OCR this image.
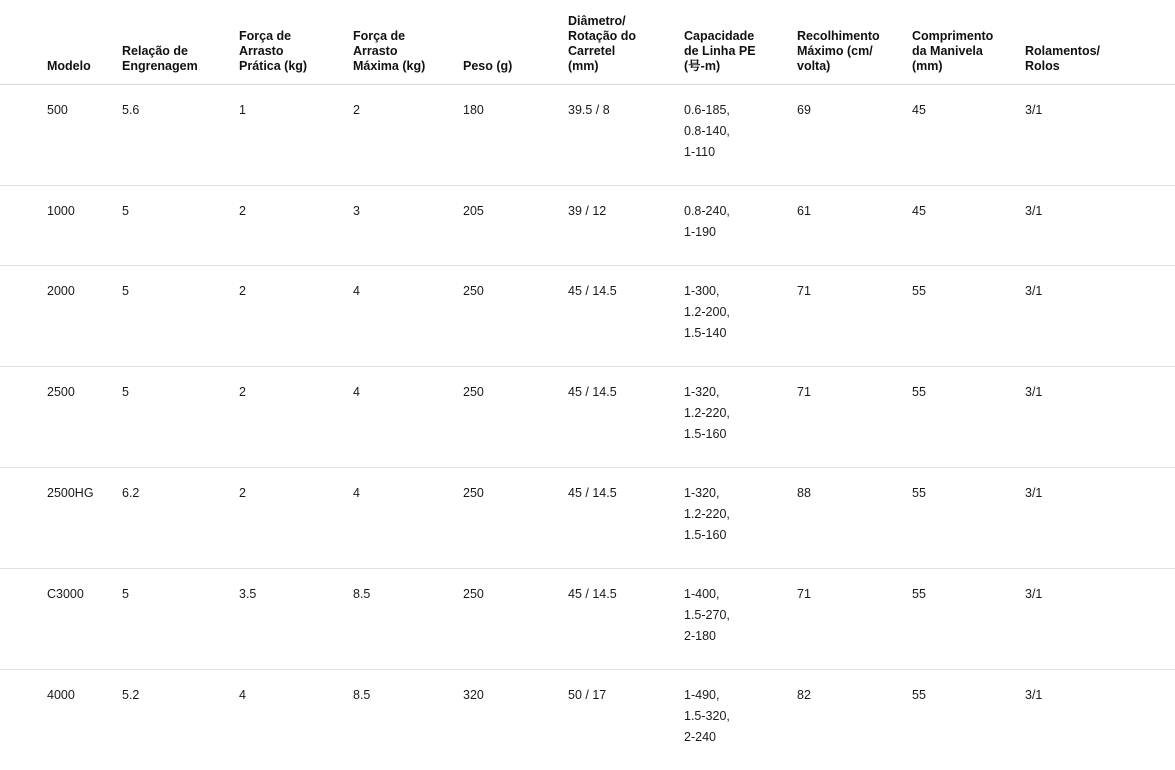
Modelo	Relação de
Engrenagem	Força de
Arrasto
Prática (kg)	Força de
Arrasto
Máxima (kg)	Peso (g)	Diâmetro/
Rotação do
Carretel
(mm)	Capacidade
de Linha PE
(号-m)	Recolhimento
Máximo (cm/
volta)	Comprimento
da Manivela
(mm)	Rolamentos/
Rolos

500	5.6	1	2	180	39.5 / 8	0.6-185,
0.8-140,
1-110	69	45	3/1

1000	5	2	3	205	39 / 12	0.8-240,
1-190	61	45	3/1

2000	5	2	4	250	45 / 14.5	1-300,
1.2-200,
1.5-140	71	55	3/1

2500	5	2	4	250	45 / 14.5	1-320,
1.2-220,
1.5-160	71	55	3/1

2500HG	6.2	2	4	250	45 / 14.5	1-320,
1.2-220,
1.5-160	88	55	3/1

C3000	5	3.5	8.5	250	45 / 14.5	1-400,
1.5-270,
2-180	71	55	3/1

4000	5.2	4	8.5	320	50 / 17	1-490,
1.5-320,
2-240	82	55	3/1
